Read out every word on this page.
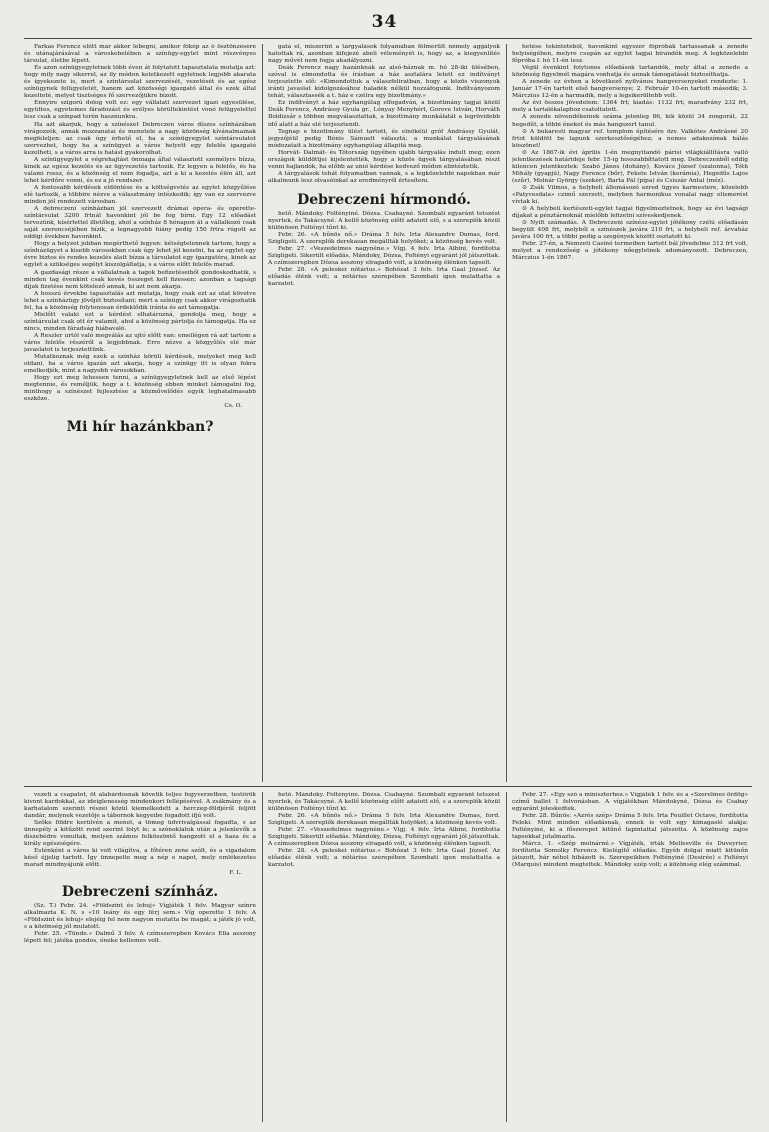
34

Farkas Ferencz előtt már akkor lebegni, amikor főkép az ő ösztönzésére és utánajárásával a városkebelében a színügy-egylet mint részvényes társulat, életbe lépett.

És azon színügyegyletnek több éven át folytatott tapasztalata mutatja azt: hogy mily nagy sikerrel, az ily módon keletkezett egyletnek legjobb akarata és igyekezete is, mert a színtársulat szervezését, vezetését és az egész színügynek felügyeletét, hanem azt közösségi igazgató által és ezek által kezelteté, melyet tisztséges fő szervezőjükre bízott.

Ennyire szigorú dolog volt ez: egy vállalati szervezet igazi egyesülése, együttes, egyetemes fáradozást és erélyes körültekintést vonó felügyelettel lesz csak a színpad terén hasznunkra.

Ha azt akarjuk, hogy a színészet Debreczen város díszes színházában virágozzék, annak mozzanatai és menetele a nagy közönség kívánalmainak megfeleljen: az csak úgy érhető el, ha a színügyegylet színtársulatot szervezhet, hogy ha a színügyet a város helyett egy felelős igazgató kezelheti, s a város arra is hatást gyakorolhat.

A színügyegylet a végrehajtást önmaga által választott személyre bízza, kinek az egész kezelés és az ügyvezetés tartozik. Ez legyen a felelős, és ha valami rossz, és a közönség el nem fogadja, azt a ki a kezelés élén áll, azt lehet kérdőre vonni, és ez a jó rendszer.

A fontosabb kérdések eldöntése és a költségvetés az egylet közgyűlése elé tartozik, a többire nézve a választmány intézkedik; így van ez szervezve minden jól rendezett városban.

A debreczeni színházban jól szervezett drámai opera- és operette-színtársulat 3200 frtnál havonkint jól be fog bírni. Egy 12 előadást tervezünk, kísérlettel illetőleg, ahol a színház 8 hónapon át a vállalkozó csak saját szerencséjében bízik, a legnagyobb hiány pedig 150 frtra rúgott az eddigi években havonkint.

Hogy a helyzet jobban megérthető legyen: kétségtelennek tartom, hogy a színházügyet a kisebb városokban csak úgy lehet jól kezelni, ha az egylet egy évre biztos és rendes kezelés alatt bízza a társulatot egy igazgatóra, kinek az egylet a szükséges segélyt kiszolgáltatja, s a város előtt felelős marad.

A gazdasági része a vállalatnak a tagok befizetéseiből gondoskodhatik, s minden tag évenkint csak kevés összeget kell fizessen; azonban a tagsági díjak fizetése nem kötelező annak, ki azt nem akarja.

A hosszú érvekbe tapasztalás azt mutatja, hogy csak ezt az utat követve lehet a színházügy jövőjét biztosítani; mert a színügy csak akkor virágozhatik fel, ha a közönség folytonosan érdeklődik iránta és azt támogatja.

Mielőtt valaki ezt a kérdést elhatározná, gondolja meg, hogy a színtársulat csak ott ér valamit, ahol a közönség pártolja és támogatja. Ha ez nincs, minden fáradság hiábavaló.

A Reszler urtól való megválás az ujtó előtt van: emellégen rá azt tartom a város felelős részéről a legjobbnak. Erre nézve a közgyűlés elé már javaslatot is terjesztettünk.

Mutatkoznak még ezek a színház körüli kérdések, melyeket meg kell oldani, ha a város igazán azt akarja, hogy a színügy itt is olyan fokra emelkedjék, mint a nagyobb városokban.

Hogy ezt meg lehessen tenni, a színügyegyletnek kell az első lépést megtennie, és reméljük, hogy a t. közönség ebben minket támogatni fog, minthogy a színészet fejlesztése a közművelődés egyik leghatalmasabb eszköze.

Cs. O.
Mi hír hazánkban?

gatá el, miszerint a tárgyalások folyamában félmerült némely aggályok hatottak rá, azonban kifejezé abeli véleményét is, hogy az, a kiegyenlítés nagy művét nem fogja akadályozni.

Deák Ferencz nagy hazánknak az alsó-háznak m. hó 28-iki ülésében, szóval is elmondotta és írásban a ház asztalára letett ez indítványt terjesztette elő: «Kimondottuk a válaszfeliratban, hogy a közös viszonyok iránti javaslat kidolgozásához haladék nélkül hozzáfogunk. Indítványozom tehát, választassék a t. ház e czélra egy bizottmány.»

Ez indítványt a ház egyhangúlag elfogadván, a bizottmány tagjai közül Deák Ferencz, Andrássy Gyula gr., Lónyay Menyhért, Gorove István, Horváth Boldizsár s többen megválasztattak, a bizottmány munkálatát a legrövidebb idő alatt a ház elé terjesztendi.

Tegnap e bizottmány ülést tartott, és elnökéül gróf Andrássy Gyulát, jegyzőjéül pedig Bónis Sámuelt választá; a munkálat tárgyalásának módozatait a bizottmány egyhangúlag állapitá meg.

Horvát- Dalmát- és Tótország ügyében ujabb tárgyalás indult meg; ezen országok küldöttjei kijelentették, hogy a közös ügyek tárgyalásában részt venni hajlandók, ha előbb az unió kérdése kedvező módon elintéztetik.

A tárgyalások tehát folyamatban vannak, s a legközelebbi napokban már alkalmunk lesz olvasóinkat az eredményről értesíteni.

Debreczeni hírmondó.

hető. Mándoky. Foltényiné. Dózsa. Csabayné. Szombati egyaránt tetszést nyertek, és Takácsyné. A kellő közönség előtt adatott elő, s a szereplők közül különösen Foltényi tűnt ki.

Febr. 26. «A bűnös nő.» Dráma 5 felv. Irta Alexandre Dumas, ford. Szigligeti. A szereplők derekasan megállták helyöket; a közönség kevés volt.

Febr. 27. «Veszedelmes nagynéne.» Vígj. 4 felv. Irta Albini, fordította Szigligeti. Sikerült előadás. Mándoky, Dózsa, Foltényi egyaránt jól játszottak. A czímszerepben Dózsa asszony elragadó volt, a közönség élénken tapsolt.

Febr. 28. «A peleskei nótárius.» Bohózat 3 felv. Irta Gaal József. Az előadás élénk volt; a nótárius szerepében Szombati igen mulattatta a karzatot.

hetése tekintetéből, havonkint egyszer főpróbák tartassanak a zenede helyiségében, melyre csupán az egylet tagjai bírandók meg. A legközelebbi főpróba f. hó 11-én lesz.

Végül évenkint folytonos előadások tartandók, mely által a zenede a közönség figyelmét magára vonhatja és annak támogatását biztosíthatja.

A zenede ez évben a következő nyilvános hangversenyeket rendezte: 1. Január 17-én tartott első hangversenye; 2. Február 10-én tartott második; 3. Márczius 12-én a harmadik, mely a legsikerültebb volt.

Az évi összes jövedelem: 1364 frt; kiadás: 1132 frt; maradvány 232 frt, mely a tartalékalaphoz csatoltatott.

A zenede növendékeinek száma jelenleg 86, kik közül 34 zongorát, 22 hegedűt, a többi éneket és más hangszert tanul.

⊙ A bukaresti magyar ref. templom építésére özv. Valkótes Andrásné 20 frtot küldött be lapunk szerkesztőségéhez; a nemes adakozónak hálás köszönet!

⊙ Az 1867-ik évi április 1-én megnyitandó párisi világkiállításra valló jelentkezések határideje febr. 15-ig hosszabbíttatott meg. Debreczenből eddig kilencen jelentkeztek: Szabó János (dohány), Kovács József (szalonna), Tóth Mihály (gyapjú), Nagy Ferencz (bőr), Fekete István (kerámia), Hegedűs Lajos (szűr), Molnár György (szekér), Barta Pál (pipa) és Csiszár Antal (méz).

⊙ Zsák Vilmos, a helybeli állomásozó ezred ügyes karmestere, közelebb «Patyvesdala» czimű szerzett, melyben harmonikus vonalai nagy elismerést vívtak ki.

⊙ A helybeli kertészeti-egylet tagjai figyelmeztetnek, hogy az évi tagsági díjakat a pénztárnoknál mielőbb lefizetni szíveskedjenek.

⊙ Nyilt számadás. A Debreczeni színész-egylet jótékony czélú előadásán begyült 408 frt, melyből a színészek javára 210 frt, a helybeli ref. árvaház javára 100 frt, a többi pedig a szegények között osztatott ki.

Febr. 27-én, a Nemzeti Casinó termeiben tartott bál jövedelme 312 frt volt, melyet a rendezőség a jótékony nőegyletnek adományozott. Debreczen, Márczius 1-én 1867.

vezeti a csapatot, öt alabárdosnak követik teljes fegyverzetben, testőrök kivont kardokkal, az ideiglenesség mindenkori fellépésével. A zsákmány és a karhatalom szerinti részei közül kiemelkedett a herczeg-földjéről feljött dandár, melynek vezetője a tábornok kegyeibe fogadott ifjú volt.

Szőke földre kerülvén a menet, a tömeg üdvrivalgással fogadta, s az ünnepély a kitűzött rend szerint folyt le; a szónoklatok után a jelenlevők a díszebédre vonultak, melyen számos felköszöntő hangzott el a haza és a király egészségére.

Esténként a város ki volt világítva, a főtéren zene szólt, és a vigadalom késő éjjelig tartott. Így ünnepelte meg a nép e napot, mely emlékezetes marad mindnyájunk előtt.

F. L.
Debreczeni színház.

(Sz. T.) Febr. 24. «Földszint és lebuj» Vígjáték 1 felv. Magyar színre alkalmazta K. N. s «10 leány és egy férj sem.» Víg operette 1 felv. A «Földszint és lebuj» elejéig fel nem nagyon mutatta be magát; a játék jó volt, s a közönség jól mulatott.

Febr. 25. «Tünde.» Dalmű 3 felv. A czímszerepben Kovács Ella asszony lépett fel; játéka gondos, éneke kellemes volt.

hető. Mándoky. Foltényiné. Dózsa. Csabayné. Szombati egyaránt tetszést nyertek, és Takácsyné. A kellő közönség előtt adatott elő, s a szereplők közül különösen Foltényi tűnt ki.

Febr. 26. «A bűnös nő.» Dráma 5 felv. Irta Alexandre Dumas, ford. Szigligeti. A szereplők derekasan megállták helyöket; a közönség kevés volt.

Febr. 27. «Veszedelmes nagynéne.» Vígj. 4 felv. Irta Albini, fordította Szigligeti. Sikerült előadás. Mándoky, Dózsa, Foltényi egyaránt jól játszottak. A czímszerepben Dózsa asszony elragadó volt, a közönség élénken tapsolt.

Febr. 28. «A peleskei nótárius.» Bohózat 3 felv. Irta Gaal József. Az előadás élénk volt; a nótárius szerepében Szombati igen mulattatta a karzatot.

Febr. 27. «Egy szó a miniszterhez.» Vígjáték 1 felv. és a «Szerelmes ördög» czímű ballet 1 felvonásban. A vígjátékban Mándokyné, Dózsa és Csabay egyaránt jeleskedtek.

Febr. 28. Bűnös: «Azrés szép» Dráma 5 felv. Irta Feuillet Octave, fordította Feleki. Mint minden előadásnak, ennek is volt egy kimagasló alakja: Foltényiné, ki a főszerepet kitűnő tapintattal játszotta. A közönség zajos tapsokkal jutalmazta.

Márcz. 1. «Szép molnárné.» Vígjáték, irták Mellesville és Duveyrier, fordította Somolky Ferencz. Kielégítő előadás. Egyéb dolgai miatt kitünőn játszott, bár néhol hibázott is. Szerepeikben Foltényiné (Desirée) s Foltényi (Marquis) mindent megtettek. Mándoky szép volt; a közönség elég számmal.
